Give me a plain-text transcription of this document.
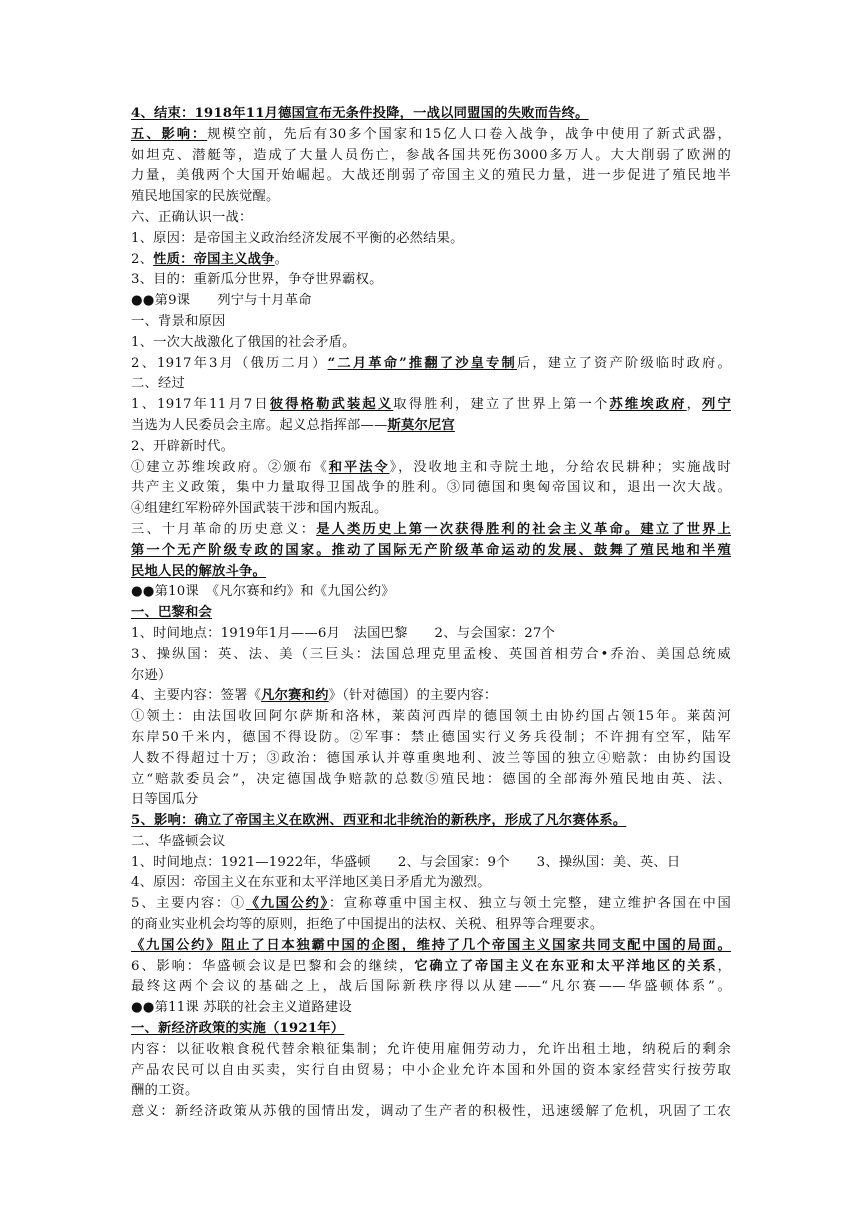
4、结束：1918年11月德国宣布无条件投降，一战以同盟国的失败而告终。
五、影响：规模空前，先后有30多个国家和15亿人口卷入战争，战争中使用了新式武器，
如坦克、潜艇等，造成了大量人员伤亡，参战各国共死伤3000多万人。大大削弱了欧洲的
力量，美俄两个大国开始崛起。大战还削弱了帝国主义的殖民力量，进一步促进了殖民地半
殖民地国家的民族觉醒。
六、正确认识一战：
1、原因：是帝国主义政治经济发展不平衡的必然结果。
2、性质：帝国主义战争。
3、目的：重新瓜分世界，争夺世界霸权。
●●第9课　　列宁与十月革命
一、背景和原因
1、一次大战激化了俄国的社会矛盾。
2、1917年3月（俄历二月）“二月革命”推翻了沙皇专制后，建立了资产阶级临时政府。
二、经过
1、1917年11月7日彼得格勒武装起义取得胜利，建立了世界上第一个苏维埃政府，列宁
当选为人民委员会主席。起义总指挥部——斯莫尔尼宫
2、开辟新时代。
①建立苏维埃政府。②颁布《和平法令》，没收地主和寺院土地，分给农民耕种；实施战时
共产主义政策，集中力量取得卫国战争的胜利。③同德国和奥匈帝国议和，退出一次大战。
④组建红军粉碎外国武装干涉和国内叛乱。
三、十月革命的历史意义：是人类历史上第一次获得胜利的社会主义革命。建立了世界上
第一个无产阶级专政的国家。推动了国际无产阶级革命运动的发展、鼓舞了殖民地和半殖
民地人民的解放斗争。
●●第10课　《凡尔赛和约》和《九国公约》
一、巴黎和会
1、时间地点：1919年1月——6月　法国巴黎　　2、与会国家：27个
3、操纵国：英、法、美（三巨头：法国总理克里孟梭、英国首相劳合•乔治、美国总统威
尔逊）
4、主要内容：签署《凡尔赛和约》（针对德国）的主要内容：
①领土：由法国收回阿尔萨斯和洛林，莱茵河西岸的德国领土由协约国占领15年。莱茵河
东岸50千米内，德国不得设防。②军事：禁止德国实行义务兵役制；不许拥有空军，陆军
人数不得超过十万；③政治：德国承认并尊重奥地利、波兰等国的独立④赔款：由协约国设
立“赔款委员会”，决定德国战争赔款的总数⑤殖民地：德国的全部海外殖民地由英、法、
日等国瓜分
5、影响：确立了帝国主义在欧洲、西亚和北非统治的新秩序，形成了凡尔赛体系。
二、华盛顿会议
1、时间地点：1921—1922年，华盛顿　　2、与会国家：9个　　3、操纵国：美、英、日
4、原因：帝国主义在东亚和太平洋地区美日矛盾尤为激烈。
5、主要内容：①《九国公约》：宣称尊重中国主权、独立与领土完整，建立维护各国在中国
的商业实业机会均等的原则，拒绝了中国提出的法权、关税、租界等合理要求。
《九国公约》阻止了日本独霸中国的企图，维持了几个帝国主义国家共同支配中国的局面。
6、影响：华盛顿会议是巴黎和会的继续，它确立了帝国主义在东亚和太平洋地区的关系，
最终这两个会议的基础之上，战后国际新秩序得以从建——“凡尔赛——华盛顿体系”。
●●第11课 苏联的社会主义道路建设
一、新经济政策的实施（1921年）
内容：以征收粮食税代替余粮征集制；允许使用雇佣劳动力，允许出租土地，纳税后的剩余
产品农民可以自由买卖，实行自由贸易；中小企业允许本国和外国的资本家经营实行按劳取
酬的工资。
意义：新经济政策从苏俄的国情出发，调动了生产者的积极性，迅速缓解了危机，巩固了工农
